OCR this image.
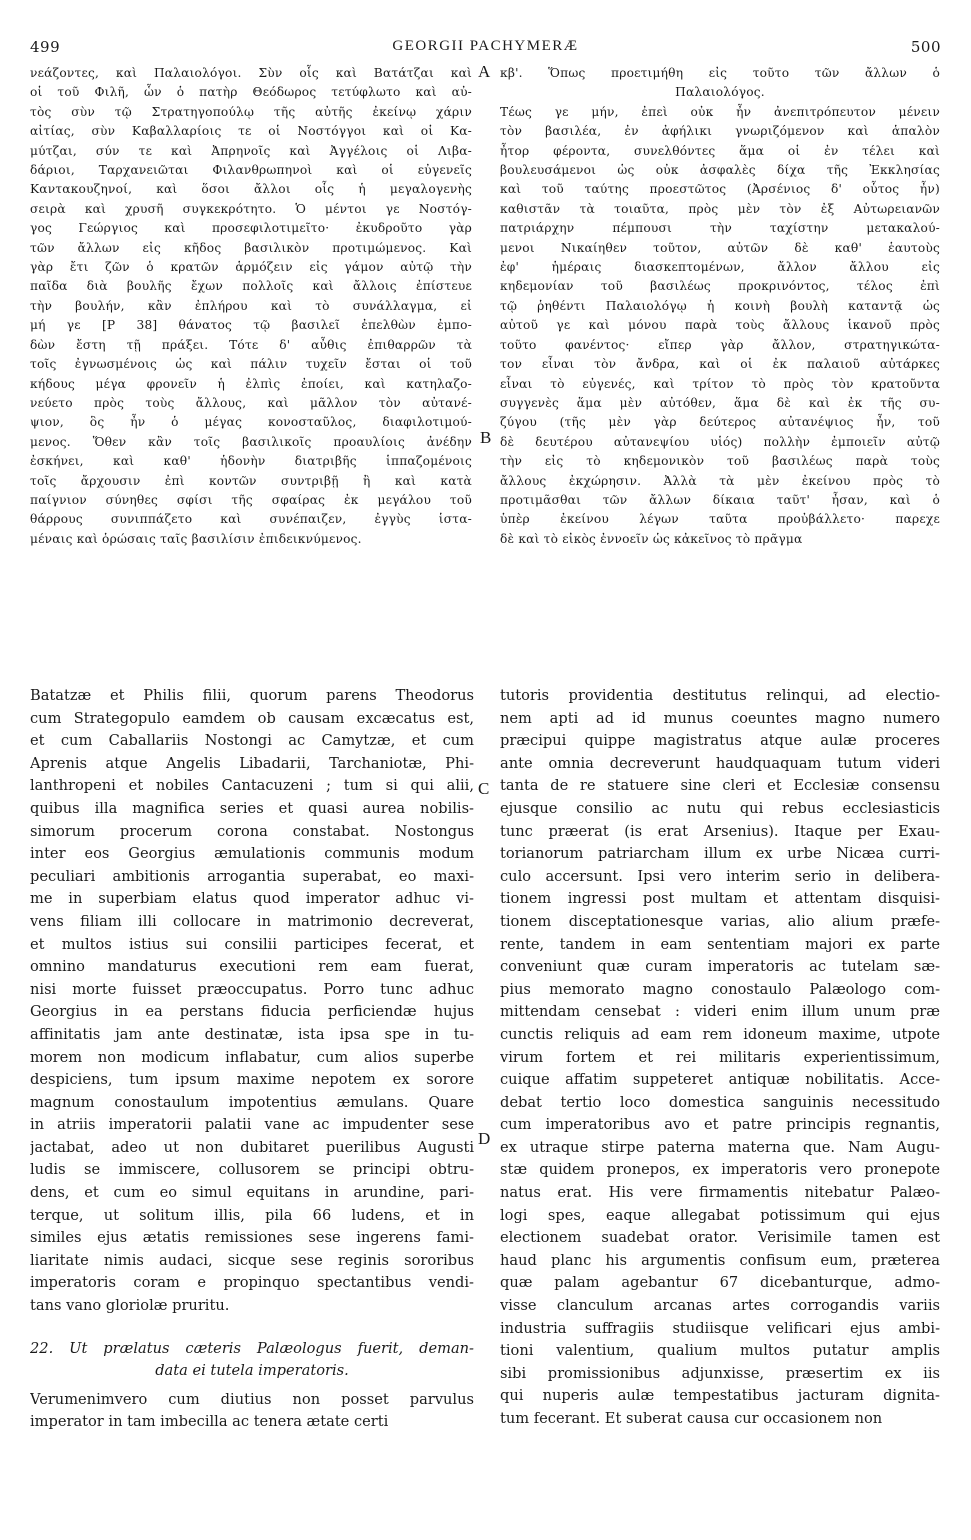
499	GEORGII PACHYMERÆ	500
A
B
C
D
νεάζοντες, καὶ Παλαιολόγοι. Σὺν οἷς καὶ Βατάτζαι καὶ
οἱ τοῦ Φιλῆ, ὧν ὁ πατὴρ Θεόδωρος τετύφλωτο καὶ αὐ-
τὸς σὺν τῷ Στρατηγοπούλῳ τῆς αὐτῆς ἐκείνῳ χάριν
αἰτίας, σὺν Καβαλλαρίοις τε οἱ Νοστόγγοι καὶ οἱ Κα-
μύτζαι, σύν τε καὶ Ἀπρηνοῖς καὶ Ἀγγέλοις οἱ Λιβα-
δάριοι, Ταρχανειῶται Φιλανθρωπηνοὶ καὶ οἱ εὐγενεῖς
Καντακουζηνοί, καὶ ὅσοι ἄλλοι οἷς ἡ μεγαλογενὴς
σειρὰ καὶ χρυσῆ συγκεκρότητο. Ὁ μέντοι γε Νοστόγ-
γος Γεώργιος καὶ προσεφιλοτιμεῖτο· ἐκυδροῦτο γὰρ
τῶν ἄλλων εἰς κῆδος βασιλικὸν προτιμώμενος. Καὶ
γὰρ ἔτι ζῶν ὁ κρατῶν ἁρμόζειν εἰς γάμον αὐτῷ τὴν
παῖδα διὰ βουλῆς ἔχων πολλοῖς καὶ ἄλλοις ἐπίστευε
τὴν βουλήν, κἂν ἐπλήρου καὶ τὸ συνάλλαγμα, εἰ
μή γε [P 38] θάνατος τῷ βασιλεῖ ἐπελθὼν ἐμπο-
δὼν ἔστη τῇ πράξει. Τότε δ' αὖθις ἐπιθαρρῶν τὰ
τοῖς ἐγνωσμένοις ὡς καὶ πάλιν τυχεῖν ἔσται οἱ τοῦ
κήδους μέγα φρονεῖν ἡ ἐλπὶς ἐποίει, καὶ κατηλαζο-
νεύετο πρὸς τοὺς ἄλλους, καὶ μᾶλλον τὸν αὐτανέ-
ψιον, ὃς ἦν ὁ μέγας κονοσταῦλος, διαφιλοτιμού-
μενος. Ὅθεν κἂν τοῖς βασιλικοῖς προαυλίοις ἀνέδην
ἐσκήνει, καὶ καθ' ἡδονὴν διατριβῆς ἱππαζομένοις
τοῖς ἄρχουσιν ἐπὶ κοντῶν συντριβῇ ἢ καὶ κατὰ
παίγνιον σύνηθες σφίσι τῆς σφαίρας ἐκ μεγάλου τοῦ
θάρρους συνιππάζετο καὶ συνέπαιζεν, ἐγγὺς ἱστα-
μέναις καὶ ὁρώσαις ταῖς βασιλίσιν ἐπιδεικνύμενος.
κβ'. Ὅπως προετιμήθη εἰς τοῦτο τῶν ἄλλων ὁ
Παλαιολόγος.
Τέως γε μήν, ἐπεὶ οὐκ ἦν ἀνεπιτρόπευτον μένειν
τὸν βασιλέα, ἐν ἀφήλικι γνωριζόμενον καὶ ἁπαλὸν
ἦτορ φέροντα, συνελθόντες ἅμα οἱ ἐν τέλει καὶ
βουλευσάμενοι ὡς οὐκ ἀσφαλὲς δίχα τῆς Ἐκκλησίας
καὶ τοῦ ταύτης προεστῶτος (Ἀρσένιος δ' οὗτος ἦν)
καθιστᾶν τὰ τοιαῦτα, πρὸς μὲν τὸν ἐξ Αὐτωρειανῶν
πατριάρχην πέμπουσι τὴν ταχίστην μετακαλού-
μενοι Νικαίηθεν τοῦτον, αὐτῶν δὲ καθ' ἑαυτοὺς
ἐφ' ἡμέραις διασκεπτομένων, ἄλλον ἄλλου εἰς
κηδεμονίαν τοῦ βασιλέως προκρινόντος, τέλος ἐπὶ
τῷ ῥηθέντι Παλαιολόγῳ ἡ κοινὴ βουλὴ καταντᾷ ὡς
αὐτοῦ γε καὶ μόνου παρὰ τοὺς ἄλλους ἱκανοῦ πρὸς
τοῦτο φανέντος· εἴπερ γὰρ ἄλλον, στρατηγικώτα-
τον εἶναι τὸν ἄνδρα, καὶ οἱ ἐκ παλαιοῦ αὐτάρκες
εἶναι τὸ εὐγενές, καὶ τρίτον τὸ πρὸς τὸν κρατοῦντα
συγγενὲς ἅμα μὲν αὐτόθεν, ἅμα δὲ καὶ ἐκ τῆς συ-
ζύγου (τῆς μὲν γὰρ δεύτερος αὐτανέψιος ἦν, τοῦ
δὲ δευτέρου αὐτανεψίου υἱός) πολλὴν ἐμποιεῖν αὐτῷ
τὴν εἰς τὸ κηδεμονικὸν τοῦ βασιλέως παρὰ τοὺς
ἄλλους ἐκχώρησιν. Ἀλλὰ τὰ μὲν ἐκείνου πρὸς τὸ
προτιμᾶσθαι τῶν ἄλλων δίκαια ταῦτ' ἦσαν, καὶ ὁ
ὑπὲρ ἐκείνου λέγων ταῦτα προὐβάλλετο· παρεχε
δὲ καὶ τὸ εἰκὸς ἐννοεῖν ὡς κἀκεῖνος τὸ πρᾶγμα
Batatzæ et Philis filii, quorum parens Theodorus
cum Strategopulo eamdem ob causam excæcatus est,
et cum Caballariis Nostongi ac Camytzæ, et cum
Aprenis atque Angelis Libadarii, Tarchaniotæ, Phi-
lanthropeni et nobiles Cantacuzeni ; tum si qui alii,
quibus illa magnifica series et quasi aurea nobilis-
simorum procerum corona constabat. Nostongus
inter eos Georgius æmulationis communis modum
peculiari ambitionis arrogantia superabat, eo maxi-
me in superbiam elatus quod imperator adhuc vi-
vens filiam illi collocare in matrimonio decreverat,
et multos istius sui consilii participes fecerat, et
omnino mandaturus executioni rem eam fuerat,
nisi morte fuisset præoccupatus. Porro tunc adhuc
Georgius in ea perstans fiducia perficiendæ hujus
affinitatis jam ante destinatæ, ista ipsa spe in tu-
morem non modicum inflabatur, cum alios superbe
despiciens, tum ipsum maxime nepotem ex sorore
magnum conostaulum impotentius æmulans. Quare
in atriis imperatorii palatii vane ac impudenter sese
jactabat, adeo ut non dubitaret puerilibus Augusti
ludis se immiscere, collusorem se principi obtru-
dens, et cum eo simul equitans in arundine, pari-
terque, ut solitum illis, pila 66 ludens, et in
similes ejus ætatis remissiones sese ingerens fami-
liaritate nimis audaci, sicque sese reginis sororibus
imperatoris coram e propinquo spectantibus vendi-
tans vano gloriolæ pruritu.
22. Ut prælatus cæteris Palæologus fuerit, deman-
data ei tutela imperatoris.
Verumenimvero cum diutius non posset parvulus
imperator in tam imbecilla ac tenera ætate certi
tutoris providentia destitutus relinqui, ad electio-
nem apti ad id munus coeuntes magno numero
præcipui quippe magistratus atque aulæ proceres
ante omnia decreverunt haudquaquam tutum videri
tanta de re statuere sine cleri et Ecclesiæ consensu
ejusque consilio ac nutu qui rebus ecclesiasticis
tunc præerat (is erat Arsenius). Itaque per Exau-
torianorum patriarcham illum ex urbe Nicæa curri-
culo accersunt. Ipsi vero interim serio in delibera-
tionem ingressi post multam et attentam disquisi-
tionem disceptationesque varias, alio alium præfe-
rente, tandem in eam sententiam majori ex parte
conveniunt quæ curam imperatoris ac tutelam sæ-
pius memorato magno conostaulo Palæologo com-
mittendam censebat : videri enim illum unum præ
cunctis reliquis ad eam rem idoneum maxime, utpote
virum fortem et rei militaris experientissimum,
cuique affatim suppeteret antiquæ nobilitatis. Acce-
debat tertio loco domestica sanguinis necessitudo
cum imperatoribus avo et patre principis regnantis,
ex utraque stirpe paterna materna que. Nam Augu-
stæ quidem pronepos, ex imperatoris vero pronepote
natus erat. His vere firmamentis nitebatur Palæo-
logi spes, eaque allegabat potissimum qui ejus
electionem suadebat orator. Verisimile tamen est
haud planc his argumentis confisum eum, præterea
quæ palam agebantur 67 dicebanturque, admo-
visse clanculum arcanas artes corrogandis variis
industria suffragiis studiisque velificari ejus ambi-
tioni valentium, qualium multos putatur amplis
sibi promissionibus adjunxisse, præsertim ex iis
qui nuperis aulæ tempestatibus jacturam dignita-
tum fecerant. Et suberat causa cur occasionem non
